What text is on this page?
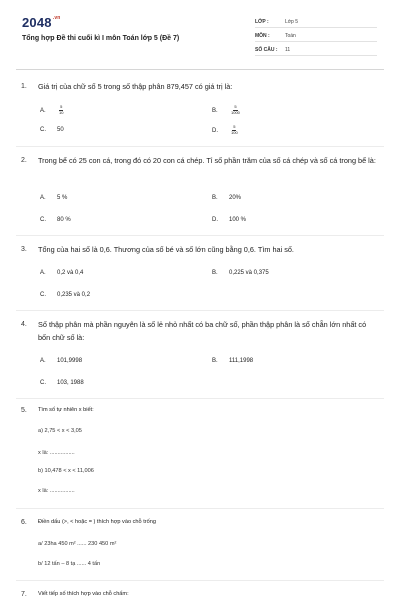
$2048^{.vn}$
Tổng hợp Đề thi cuối kì I môn Toán lớp 5 (Đề 7)
LỚP :	Lớp 5
MÔN :	Toán
SỐ CÂU : 11
1. Giá trị của chữ số 5 trong số thập phân 879,457 có giá trị là:
A.	$\frac{5}{10}$	B.	$\frac{5}{1000}$
C. 50	D.	$\frac{5}{100}$
2. Trong bể có 25 con cá, trong đó có 20 con cá chép. Tỉ số phần trăm của số cá chép và số cá trong bể là:
A. 5 %	B. 20%
C. 80 %	D. 100 %
3. Tổng của hai số là 0,6. Thương của số bé và số lớn cũng bằng 0,6. Tìm hai số.
A. 0,2 và 0,4	B. 0,225 và 0,375
C. 0,235 và 0,2
4. Số thập phân mà phần nguyên là số lẻ nhỏ nhất có ba chữ số, phần thập phân là số chẵn lớn nhất có bốn chữ số là:
A. 101,9998	B. 111,1998
C. 103, 1988
5. Tìm số tự nhiên x biết:
a) 2,75 < x < 3,05
x là: ................
b) 10,478 < x < 11,006
x là: ................
6. Điền dấu (>, < hoặc = ) thích hợp vào chỗ trống
a/ 23ha 450 m² ...... 230 450 m²
b/ 12 tấn – 8 tạ ...... 4 tấn
7. Viết tiếp số thích hợp vào chỗ chấm:
